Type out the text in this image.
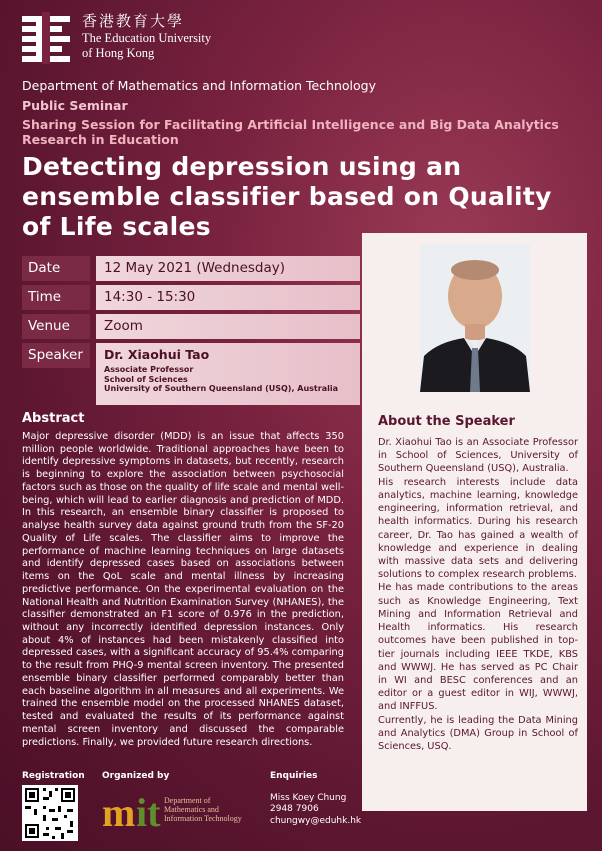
香港教育大學
The Education University
of Hong Kong
Department of Mathematics and Information Technology
Public Seminar
Sharing Session for Facilitating Artificial Intelligence and Big Data Analytics Research in Education
Detecting depression using an ensemble classifier based on Quality of Life scales
Date	12 May 2021 (Wednesday)
Time	14:30 - 15:30
Venue	Zoom
Speaker	Dr. Xiaohui Tao
Associate Professor
School of Sciences
University of Southern Queensland (USQ), Australia
About the Speaker

Dr. Xiaohui Tao is an Associate Professor in School of Sciences, University of Southern Queensland (USQ), Australia.

His research interests include data analytics, machine learning, knowledge engineering, information retrieval, and health informatics. During his research career, Dr. Tao has gained a wealth of knowledge and experience in dealing with massive data sets and delivering solutions to complex research problems.

He has made contributions to the areas such as Knowledge Engineering, Text Mining and Information Retrieval and Health informatics. His research outcomes have been published in top-tier journals including IEEE TKDE, KBS and WWWJ. He has served as PC Chair in WI and BESC conferences and an editor or a guest editor in WIJ, WWWJ, and INFFUS.

Currently, he is leading the Data Mining and Analytics (DMA) Group in School of Sciences, USQ.

Abstract
Major depressive disorder (MDD) is an issue that affects 350 million people worldwide. Traditional approaches have been to identify depressive symptoms in datasets, but recently, research is beginning to explore the association between psychosocial factors such as those on the quality of life scale and mental well-being, which will lead to earlier diagnosis and prediction of MDD. In this research, an ensemble binary classifier is proposed to analyse health survey data against ground truth from the SF-20 Quality of Life scales. The classifier aims to improve the performance of machine learning techniques on large datasets and identify depressed cases based on associations between items on the QoL scale and mental illness by increasing predictive performance. On the experimental evaluation on the National Health and Nutrition Examination Survey (NHANES), the classifier demonstrated an F1 score of 0.976 in the prediction, without any incorrectly identified depression instances. Only about 4% of instances had been mistakenly classified into depressed cases, with a significant accuracy of 95.4% comparing to the result from PHQ-9 mental screen inventory. The presented ensemble binary classifier performed comparably better than each baseline algorithm in all measures and all experiments. We trained the ensemble model on the processed NHANES dataset, tested and evaluated the results of its performance against mental screen inventory and discussed the comparable predictions. Finally, we provided future research directions.
Registration Organized by
m it Department of
Mathematics and
Information Technology
Enquiries
Miss Koey Chung
2948 7906
chungwy@eduhk.hk
